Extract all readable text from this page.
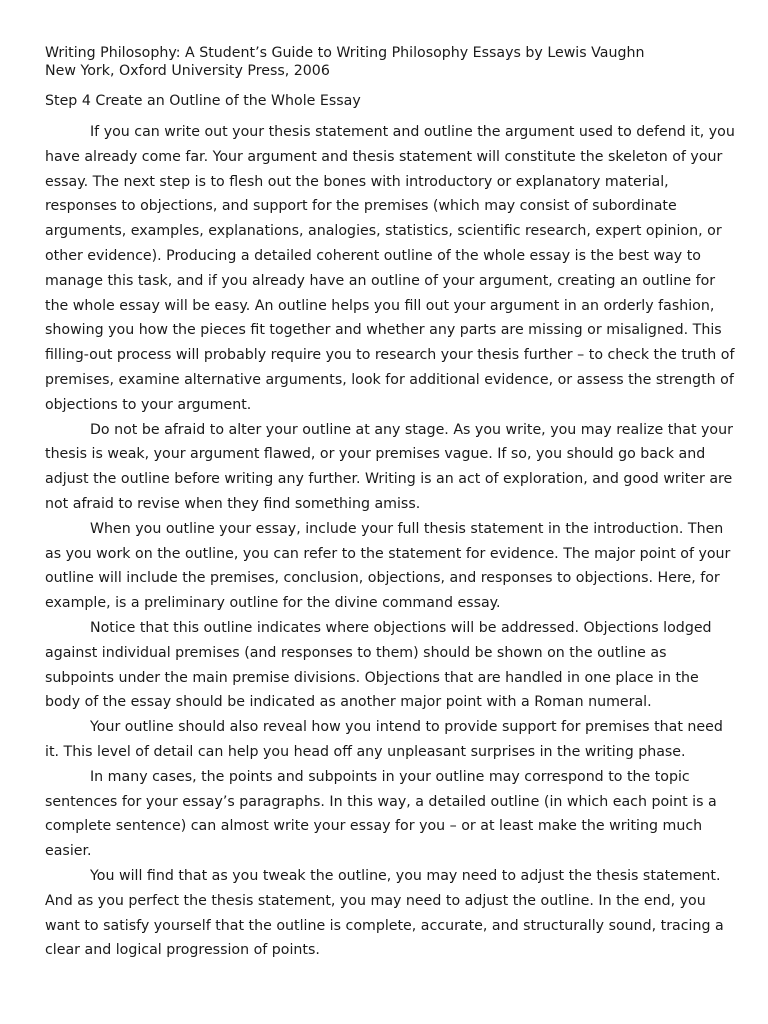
Writing Philosophy: A Student’s Guide to Writing Philosophy Essays by Lewis Vaughn
New York, Oxford University Press, 2006
Step 4 Create an Outline of the Whole Essay

If you can write out your thesis statement and outline the argument used to defend it, you have already come far. Your argument and thesis statement will constitute the skeleton of your essay. The next step is to flesh out the bones with introductory or explanatory material, responses to objections, and support for the premises (which may consist of subordinate arguments, examples, explanations, analogies, statistics, scientific research, expert opinion, or other evidence). Producing a detailed coherent outline of the whole essay is the best way to manage this task, and if you already have an outline of your argument, creating an outline for the whole essay will be easy. An outline helps you fill out your argument in an orderly fashion, showing you how the pieces fit together and whether any parts are missing or misaligned. This filling-out process will probably require you to research your thesis further – to check the truth of premises, examine alternative arguments, look for additional evidence, or assess the strength of objections to your argument.

Do not be afraid to alter your outline at any stage. As you write, you may realize that your thesis is weak, your argument flawed, or your premises vague. If so, you should go back and adjust the outline before writing any further. Writing is an act of exploration, and good writer are not afraid to revise when they find something amiss.

When you outline your essay, include your full thesis statement in the introduction. Then as you work on the outline, you can refer to the statement for evidence. The major point of your outline will include the premises, conclusion, objections, and responses to objections. Here, for example, is a preliminary outline for the divine command essay.

Notice that this outline indicates where objections will be addressed. Objections lodged against individual premises (and responses to them) should be shown on the outline as subpoints under the main premise divisions. Objections that are handled in one place in the body of the essay should be indicated as another major point with a Roman numeral.

Your outline should also reveal how you intend to provide support for premises that need it. This level of detail can help you head off any unpleasant surprises in the writing phase.

In many cases, the points and subpoints in your outline may correspond to the topic sentences for your essay’s paragraphs. In this way, a detailed outline (in which each point is a complete sentence) can almost write your essay for you – or at least make the writing much easier.

You will find that as you tweak the outline, you may need to adjust the thesis statement. And as you perfect the thesis statement, you may need to adjust the outline. In the end, you want to satisfy yourself that the outline is complete, accurate, and structurally sound, tracing a clear and logical progression of points.
